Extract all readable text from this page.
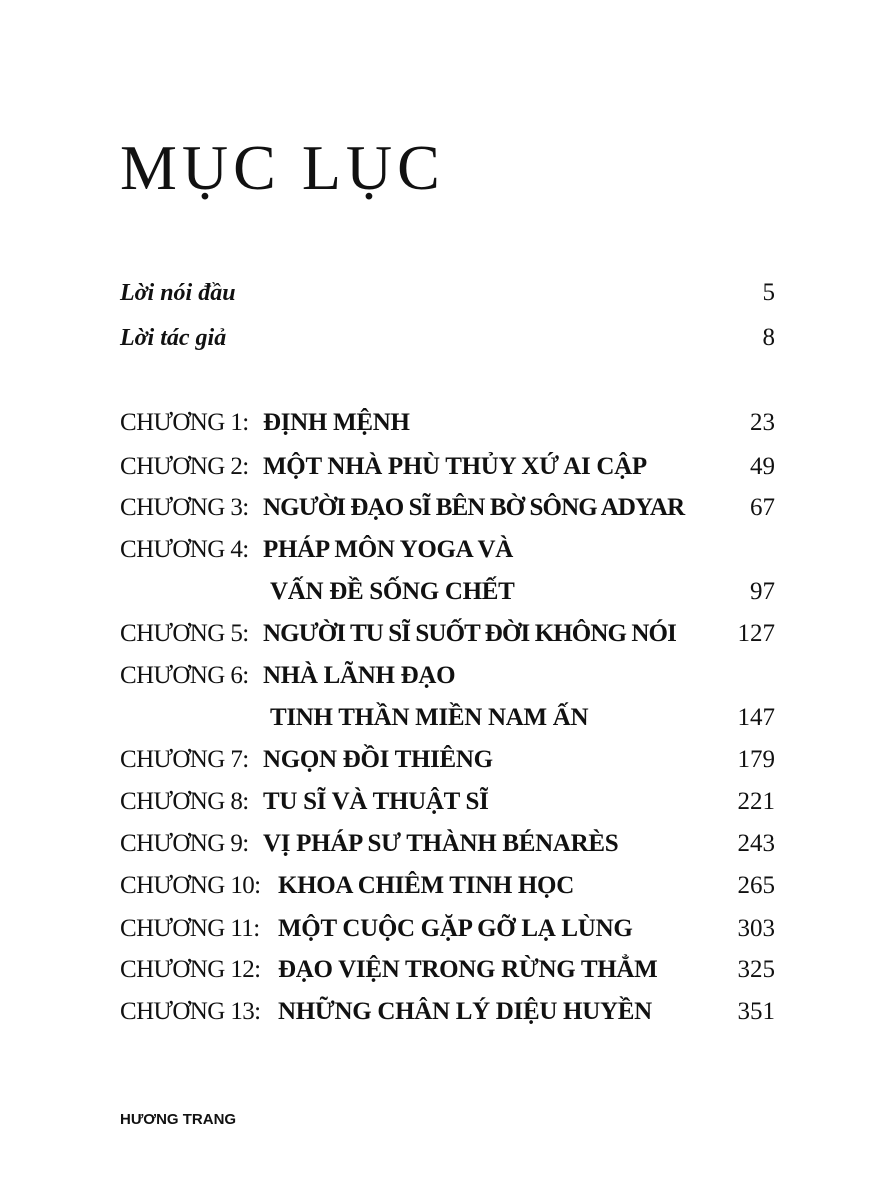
MỤC LỤC
Lời nói đầu	5
Lời tác giả	8
CHƯƠNG 1: ĐỊNH MỆNH	23
CHƯƠNG 2: MỘT NHÀ PHÙ THỦY XỨ AI CẬP	49
CHƯƠNG 3: NGƯỜI ĐẠO SĨ BÊN BỜ SÔNG ADYAR	67
CHƯƠNG 4: PHÁP MÔN YOGA VÀ
VẤN ĐỀ SỐNG CHẾT	97
CHƯƠNG 5: NGƯỜI TU SĨ SUỐT ĐỜI KHÔNG NÓI 127
CHƯƠNG 6: NHÀ LÃNH ĐẠO
TINH THẦN MIỀN NAM ẤN	147
CHƯƠNG 7: NGỌN ĐỒI THIÊNG	179
CHƯƠNG 8: TU SĨ VÀ THUẬT SĨ	221
CHƯƠNG 9: VỊ PHÁP SƯ THÀNH BÉNARÈS	243
CHƯƠNG 10: KHOA CHIÊM TINH HỌC	265
CHƯƠNG 11: MỘT CUỘC GẶP GỠ LẠ LÙNG	303
CHƯƠNG 12: ĐẠO VIỆN TRONG RỪNG THẲM	325
CHƯƠNG 13: NHỮNG CHÂN LÝ DIỆU HUYỀN	351
HƯƠNG TRANG
